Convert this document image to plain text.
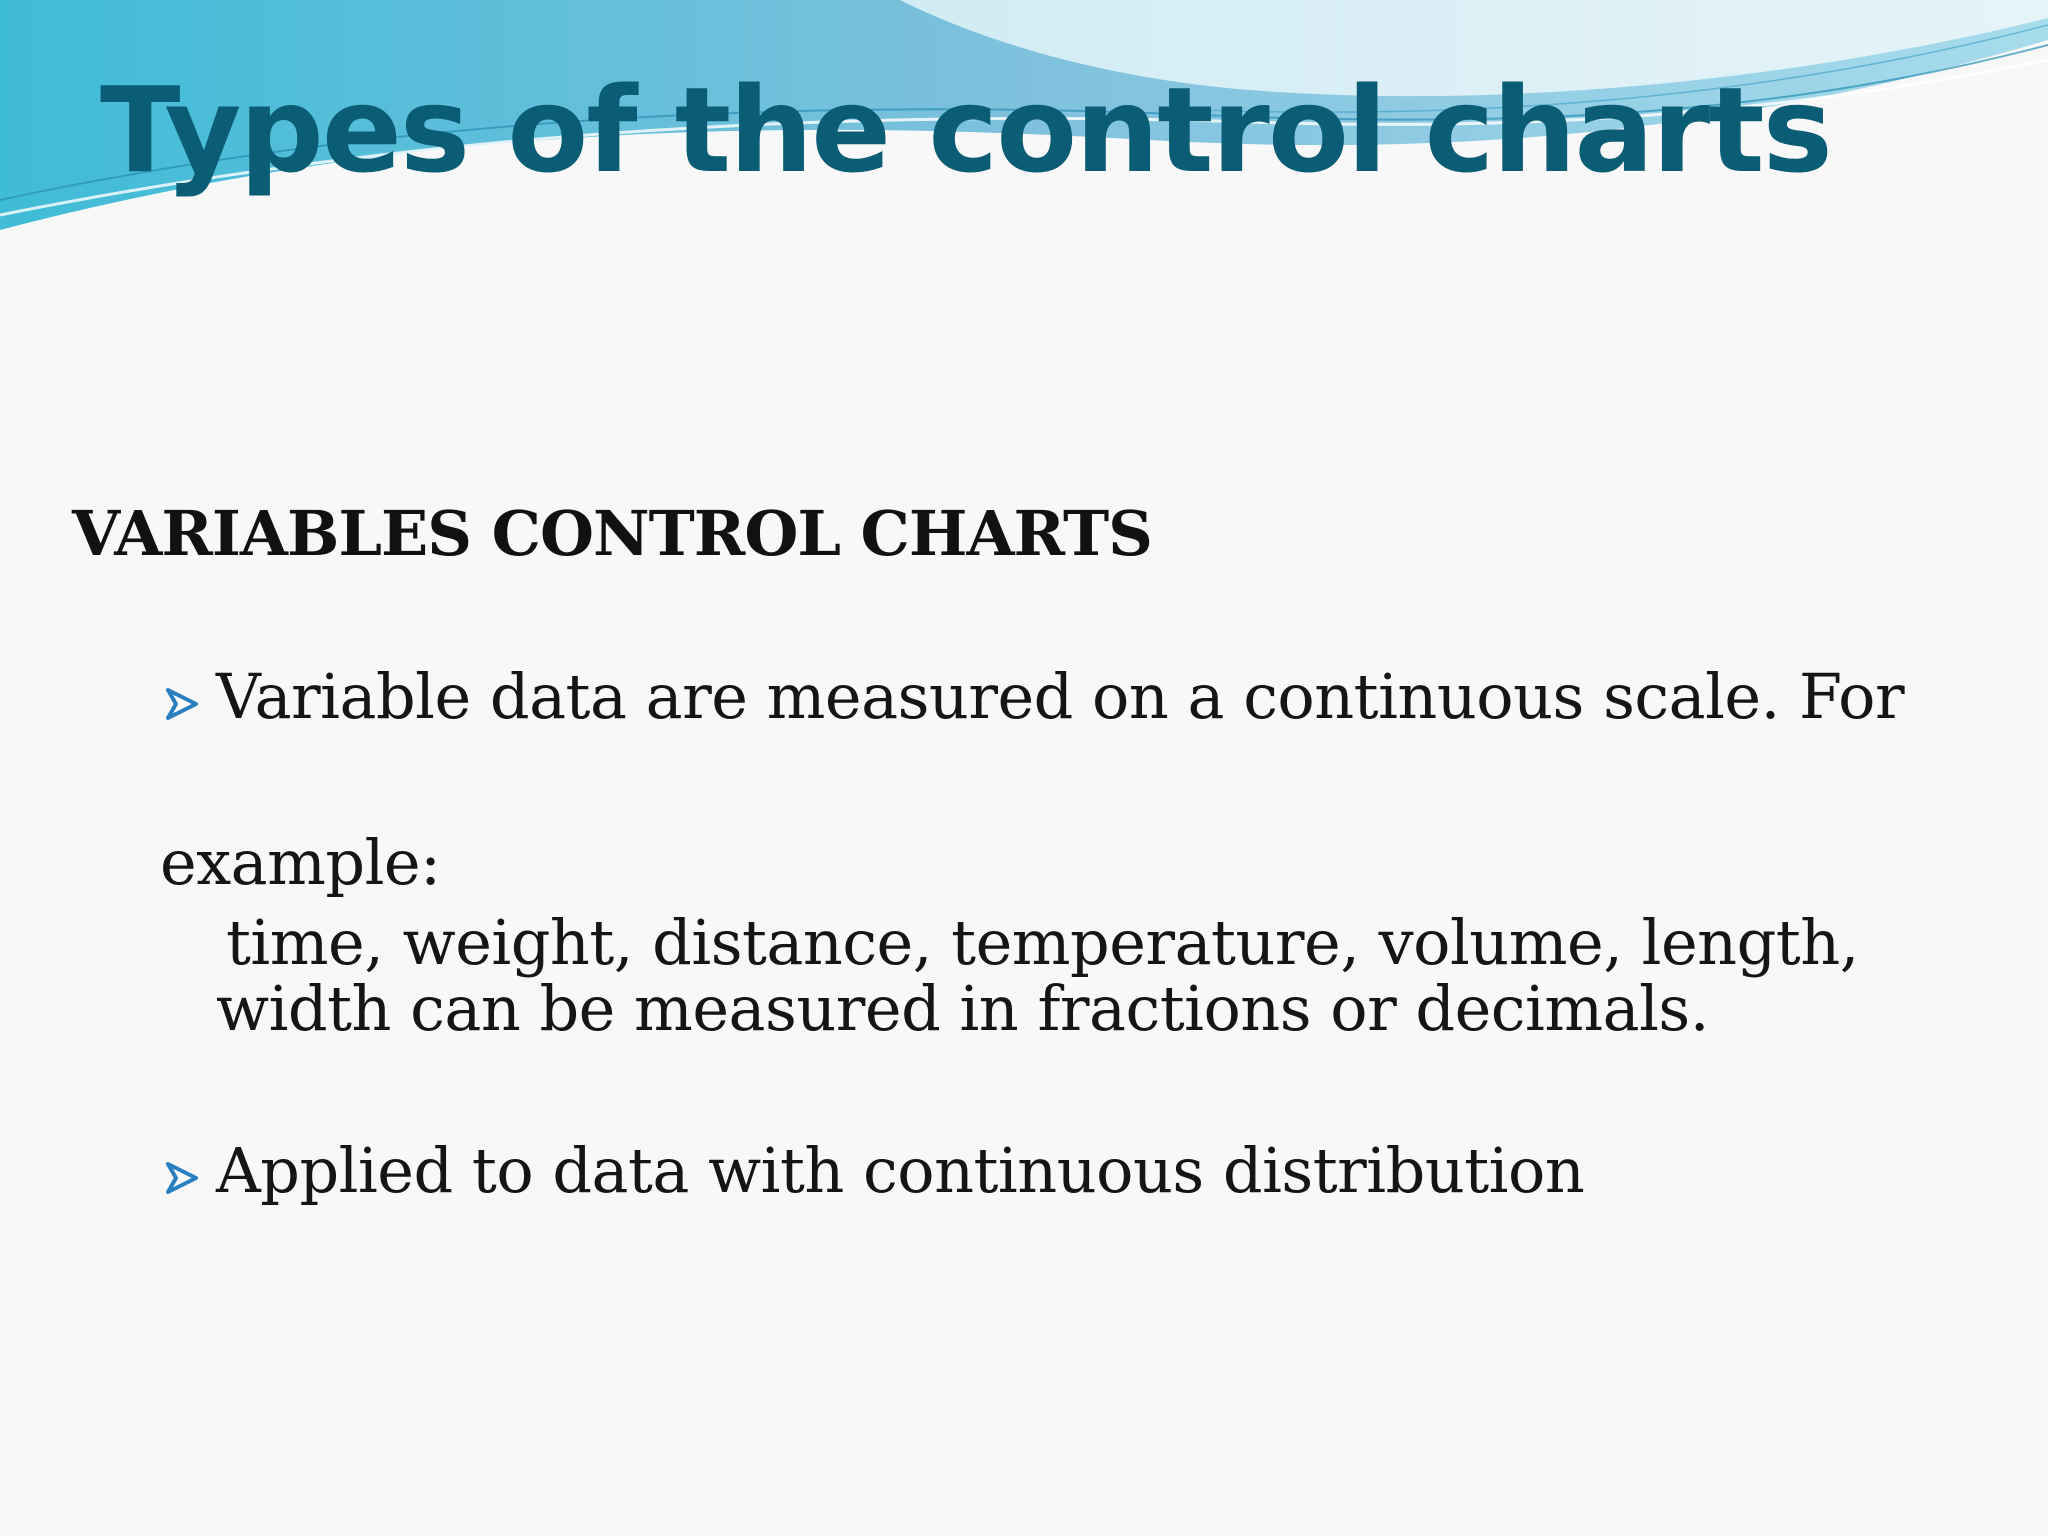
Types of the control charts
VARIABLES CONTROL CHARTS

Variable data are measured on a continuous scale. For

example:

time, weight, distance, temperature, volume, length,

width can be measured in fractions or decimals.

Applied to data with continuous distribution
